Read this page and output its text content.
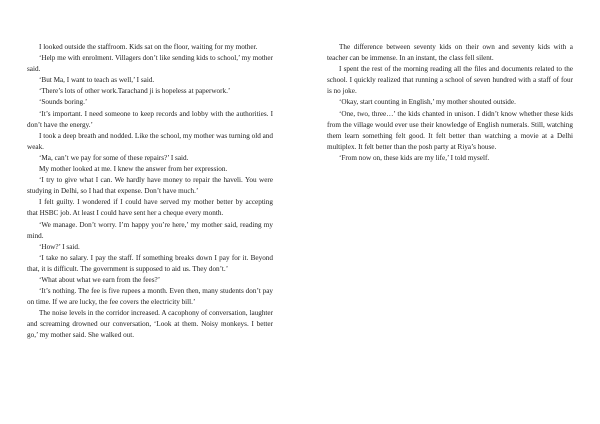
I looked outside the staffroom. Kids sat on the floor, waiting for my mother.

‘Help me with enrolment. Villagers don’t like sending kids to school,’ my mother said.

‘But Ma, I want to teach as well,’ I said.

‘There’s lots of other work.Tarachand ji is hopeless at paperwork.’

‘Sounds boring.’

‘It’s important. I need someone to keep records and lobby with the authorities. I don’t have the energy.’

I took a deep breath and nodded. Like the school, my mother was turning old and weak.

‘Ma, can’t we pay for some of these repairs?’ I said.

My mother looked at me. I knew the answer from her expression.

‘I try to give what I can. We hardly have money to repair the haveli. You were studying in Delhi, so I had that expense. Don’t have much.’

I felt guilty. I wondered if I could have served my mother better by accepting that HSBC job. At least I could have sent her a cheque every month.

‘We manage. Don’t worry. I’m happy you’re here,’ my mother said, reading my mind.

‘How?’ I said.

‘I take no salary. I pay the staff. If something breaks down I pay for it. Beyond that, it is difficult. The government is supposed to aid us. They don’t.’

‘What about what we earn from the fees?’

‘It’s nothing. The fee is five rupees a month. Even then, many students don’t pay on time. If we are lucky, the fee covers the electricity bill.’

The noise levels in the corridor increased. A cacophony of conversation, laughter and screaming drowned our conversation, ‘Look at them. Noisy monkeys. I better go,’ my mother said. She walked out.

The difference between seventy kids on their own and seventy kids with a teacher can be immense. In an instant, the class fell silent.

I spent the rest of the morning reading all the files and documents related to the school. I quickly realized that running a school of seven hundred with a staff of four is no joke.

‘Okay, start counting in English,’ my mother shouted outside.

‘One, two, three…’ the kids chanted in unison. I didn’t know whether these kids from the village would ever use their knowledge of English numerals. Still, watching them learn something felt good. It felt better than watching a movie at a Delhi multiplex. It felt better than the posh party at Riya’s house.

‘From now on, these kids are my life,’ I told myself.
